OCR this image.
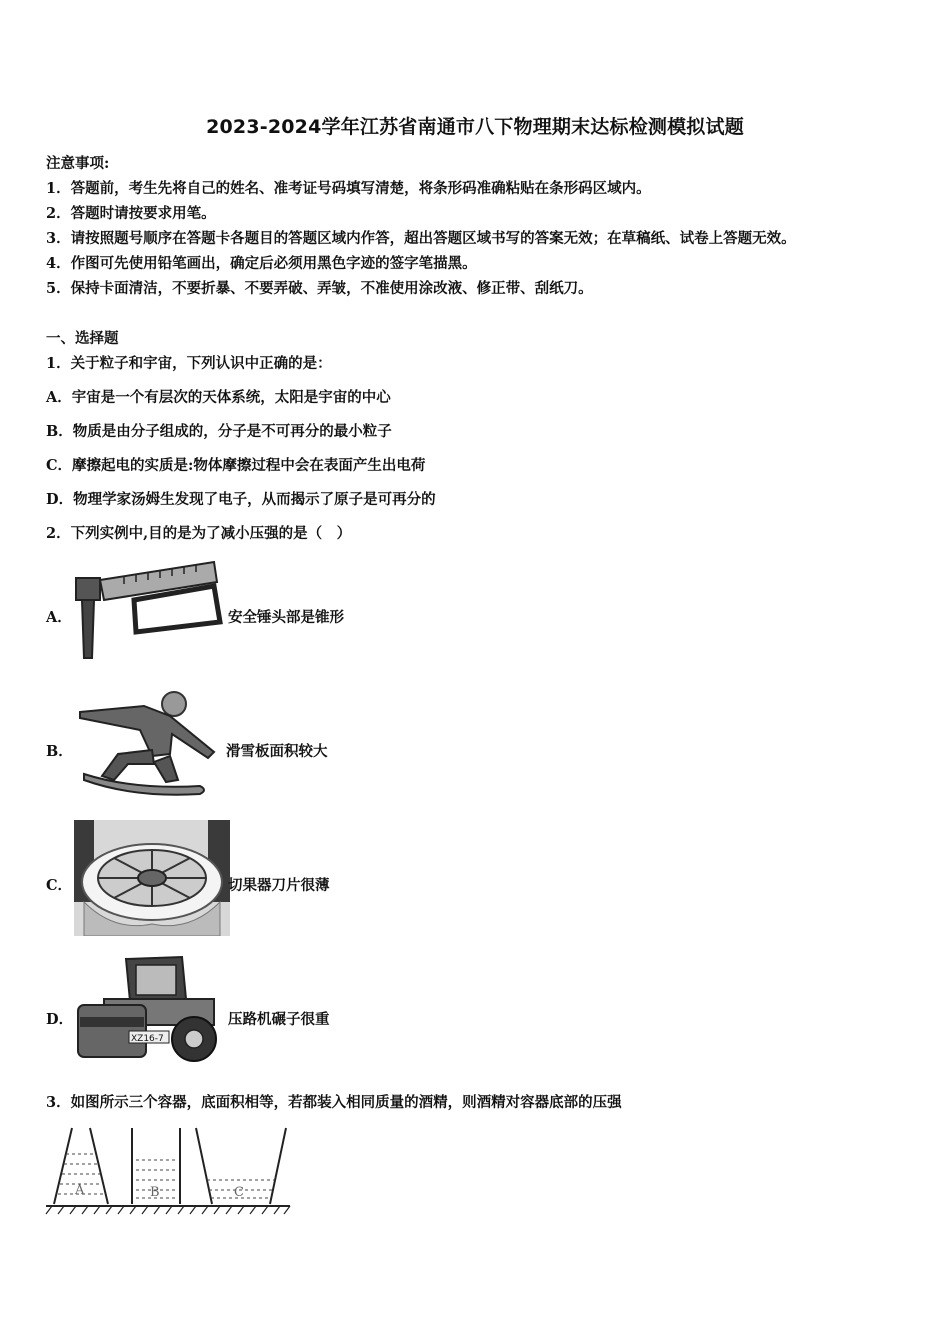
2023-2024学年江苏省南通市八下物理期末达标检测模拟试题
注意事项:
1．答题前，考生先将自己的姓名、准考证号码填写清楚，将条形码准确粘贴在条形码区域内。
2．答题时请按要求用笔。
3．请按照题号顺序在答题卡各题目的答题区域内作答，超出答题区域书写的答案无效；在草稿纸、试卷上答题无效。
4．作图可先使用铅笔画出，确定后必须用黑色字迹的签字笔描黑。
5．保持卡面清洁，不要折暴、不要弄破、弄皱，不准使用涂改液、修正带、刮纸刀。
一、选择题
1．关于粒子和宇宙，下列认识中正确的是：
A．宇宙是一个有层次的天体系统，太阳是宇宙的中心
B．物质是由分子组成的，分子是不可再分的最小粒子
C．摩擦起电的实质是:物体摩擦过程中会在表面产生出电荷
D．物理学家汤姆生发现了电子，从而揭示了原子是可再分的
2．下列实例中,目的是为了减小压强的是（　）
A．	安全锤头部是锥形
B．	滑雪板面积较大
C．	切果器刀片很薄
D．
XZ16-7
压路机碾子很重
3．如图所示三个容器，底面积相等，若都装入相同质量的酒精，则酒精对容器底部的压强
A	B	C
